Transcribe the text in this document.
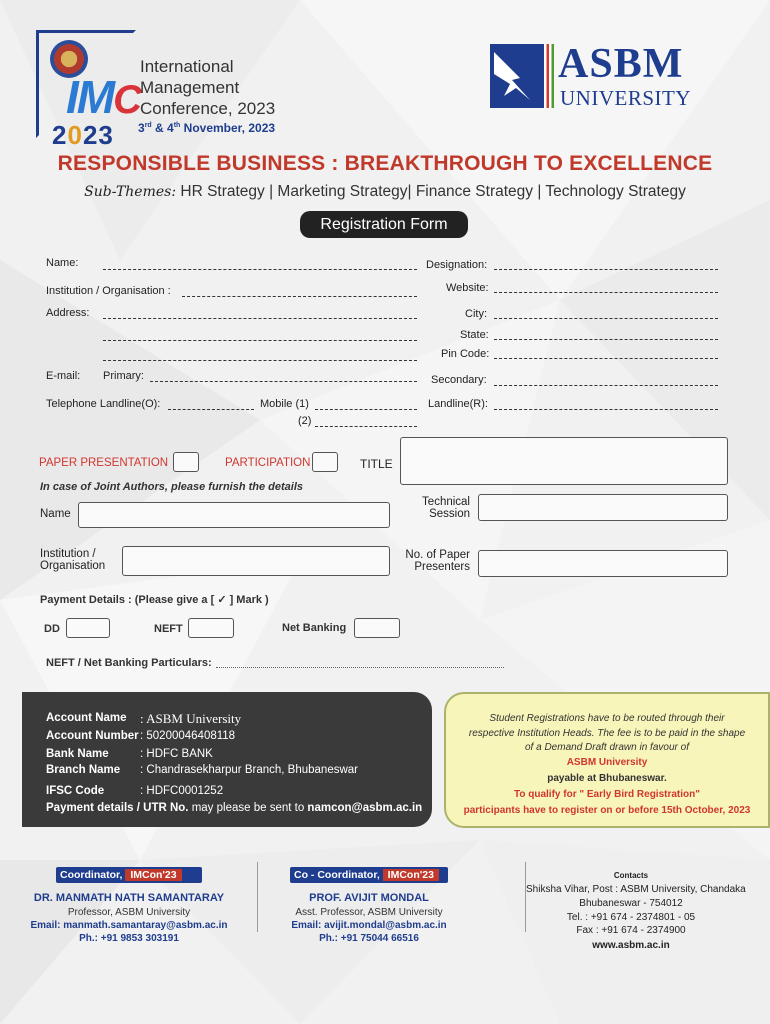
IMC
2023
International
Management
Conference, 2023
3rd & 4th November, 2023
ASBM
UNIVERSITY
RESPONSIBLE BUSINESS : BREAKTHROUGH TO EXCELLENCE
Sub-Themes: HR Strategy | Marketing Strategy| Finance Strategy | Technology Strategy
Registration Form
Name:	Designation:
Institution / Organisation :	Website:
Address:	City:
State:
Pin Code:
E-mail: Primary:	Secondary:
Telephone Landline(O):	Mobile (1)
(2)
Landline(R):
PAPER PRESENTATION	PARTICIPATION	TITLE
In case of Joint Authors, please furnish the details
Name
Technical
Session
Institution /
Organisation
No. of Paper
Presenters
Payment Details : (Please give a [ ✓ ] Mark )
DD	NEFT	Net Banking
NEFT / Net Banking Particulars:
Account Name : ASBM University
Account Number : 50200046408118
Bank Name	: HDFC BANK
Branch Name : Chandrasekharpur Branch, Bhubaneswar
IFSC Code	: HDFC0001252
Payment details / UTR No. may please be sent to namcon@asbm.ac.in
Student Registrations have to be routed through their
respective Institution Heads. The fee is to be paid in the shape
of a Demand Draft drawn in favour of
ASBM University
payable at Bhubaneswar.
To qualify for " Early Bird Registration"
participants have to register on or before 15th October, 2023
Coordinator, IMCon'23
DR. MANMATH NATH SAMANTARAY
Professor, ASBM University
Email: manmath.samantaray@asbm.ac.in
Ph.: +91 9853 303191
Co - Coordinator, IMCon'23
PROF. AVIJIT MONDAL
Asst. Professor, ASBM University
Email: avijit.mondal@asbm.ac.in
Ph.: +91 75044 66516
Contacts
Shiksha Vihar, Post : ASBM University, Chandaka
Bhubaneswar - 754012
Tel. : +91 674 - 2374801 - 05
Fax : +91 674 - 2374900
www.asbm.ac.in
